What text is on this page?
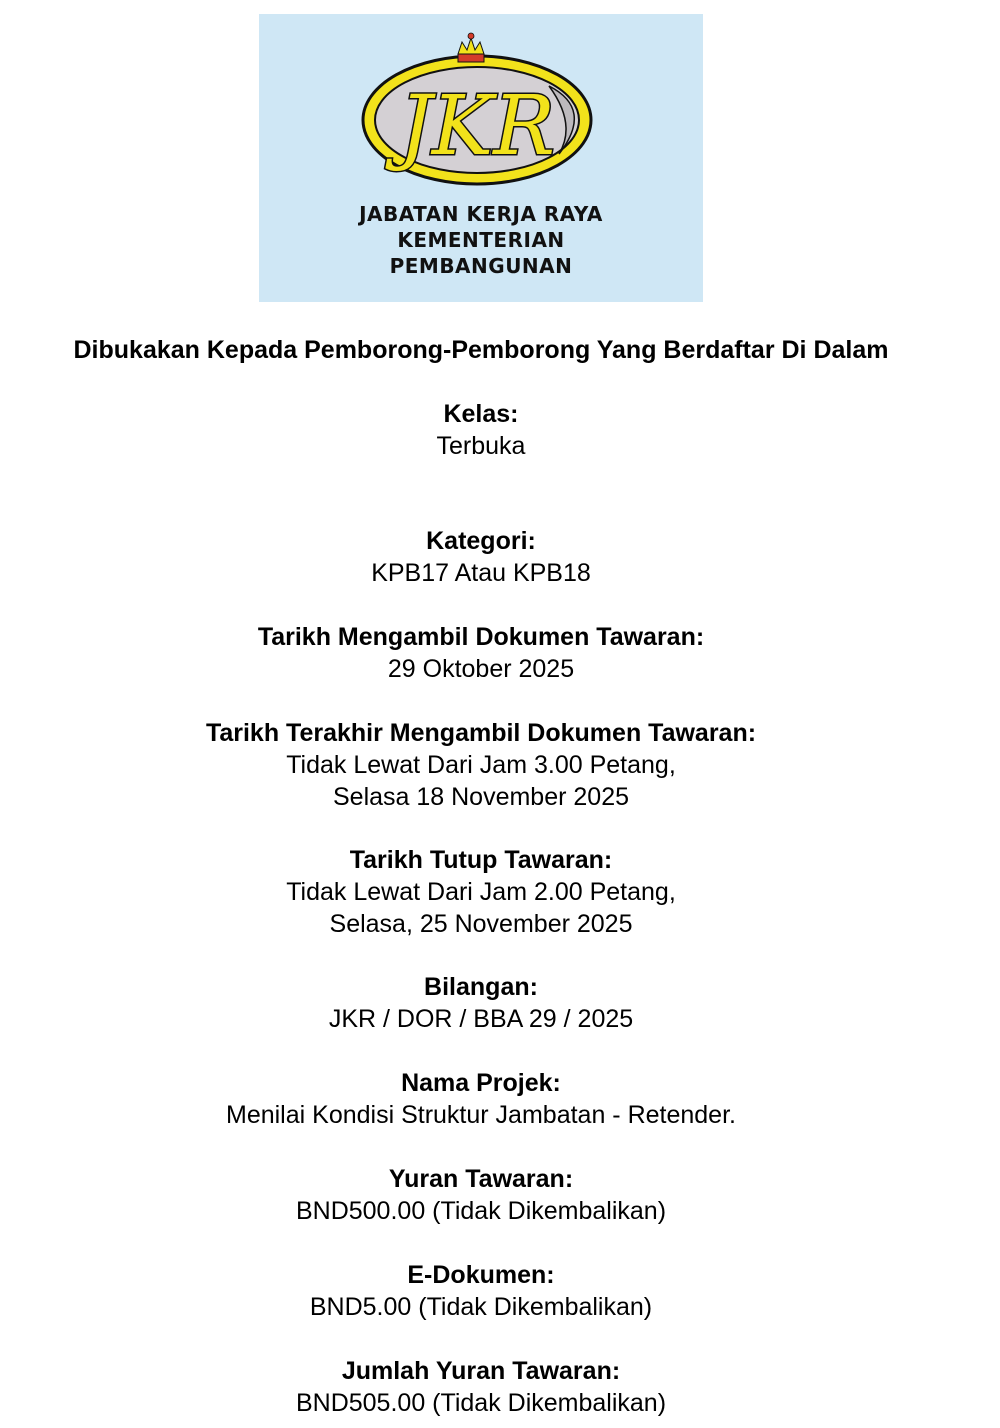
JKR
JABATAN KERJA RAYA
KEMENTERIAN
PEMBANGUNAN
Dibukakan Kepada Pemborong-Pemborong Yang Berdaftar Di Dalam
Kelas:
Terbuka
Kategori:
KPB17 Atau KPB18
Tarikh Mengambil Dokumen Tawaran:
29 Oktober 2025
Tarikh Terakhir Mengambil Dokumen Tawaran:
Tidak Lewat Dari Jam 3.00 Petang,
Selasa 18 November 2025
Tarikh Tutup Tawaran:
Tidak Lewat Dari Jam 2.00 Petang,
Selasa, 25 November 2025
Bilangan:
JKR / DOR / BBA 29 / 2025
Nama Projek:
Menilai Kondisi Struktur Jambatan - Retender.
Yuran Tawaran:
BND500.00 (Tidak Dikembalikan)
E-Dokumen:
BND5.00 (Tidak Dikembalikan)
Jumlah Yuran Tawaran:
BND505.00 (Tidak Dikembalikan)
